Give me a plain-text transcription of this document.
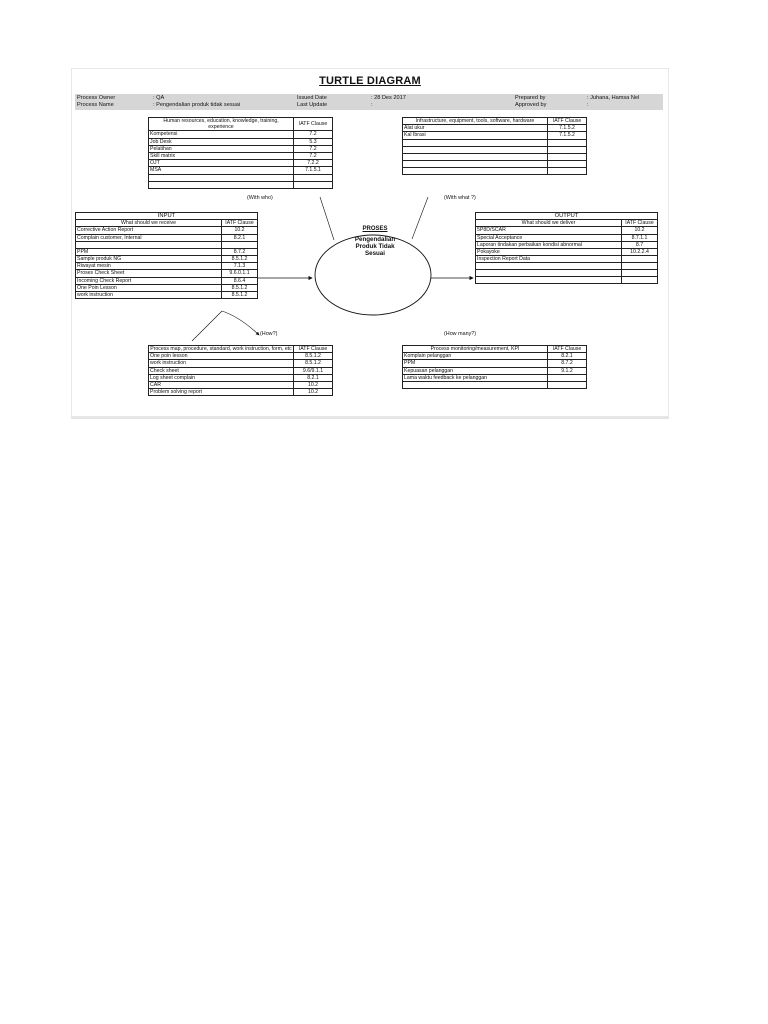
TURTLE DIAGRAM
Process Owner	: QA
Process Name	: Pengendalian produk tidak sesuai
Issued Date	: 28 Des 2017
Last Update	:
Prepared by	: Juhana, Hamsa Nel
Approved by	:
(With who)	(With what ?)
(How?)	(How many?)
Human resources, education, knowledge, training, experience	IATF Clause
Kompetensi	7.2
Job Desk	5.3
Pelatihan	7.2
Skill matrix	7.2
OJT	7.2.2
MSA	7.1.5.1

Infrastructure, equipment, tools, software, hardware	IATF Clause
Alat ukur	7.1.5.2
Kal Ibrasi	7.1.5.2

INPUT	
What should we receive	IATF Clause
Corrective Action Report	10.2
Complain customer, Internal	8.2.1

PPM	8.7.2
Sample produk NG	8.5.1.2
Riwayat mesin	7.1.3
Proses Check Sheet	9.6.0.1.1
Incoming Check Report	8.6.4
One Poin Lesson	8.5.1.2
work instruction	8.5.1.2
OUTPUT	
What should we deliver	IATF Clause
5P8D/SCAR	10.2
Special Acceptance	8.7.1.1
Laporan tindakan perbaikan kondisi abnormal	8.7
Pokayoke	10.2.2.4
Inspection Report Data	

PROSES
Pengendalian
Produk Tidak
Sesuai
Process map, procedure, standard, work instruction, form, etc	IATF Clause
One poin lesson	8.5.1.2
work instruction	8.5.1.2
Check sheet	9.6/9.1.1
Log sheet complain	8.2.1
CAR	10.2
Problem solving report	10.2
Process monitoring/measurement, KPI	IATF Clause
Komplain pelanggan	8.2.1
PPM	8.7.2
Kepuasan pelanggan	9.1.2
Lama waktu feedback ke pelanggan	
